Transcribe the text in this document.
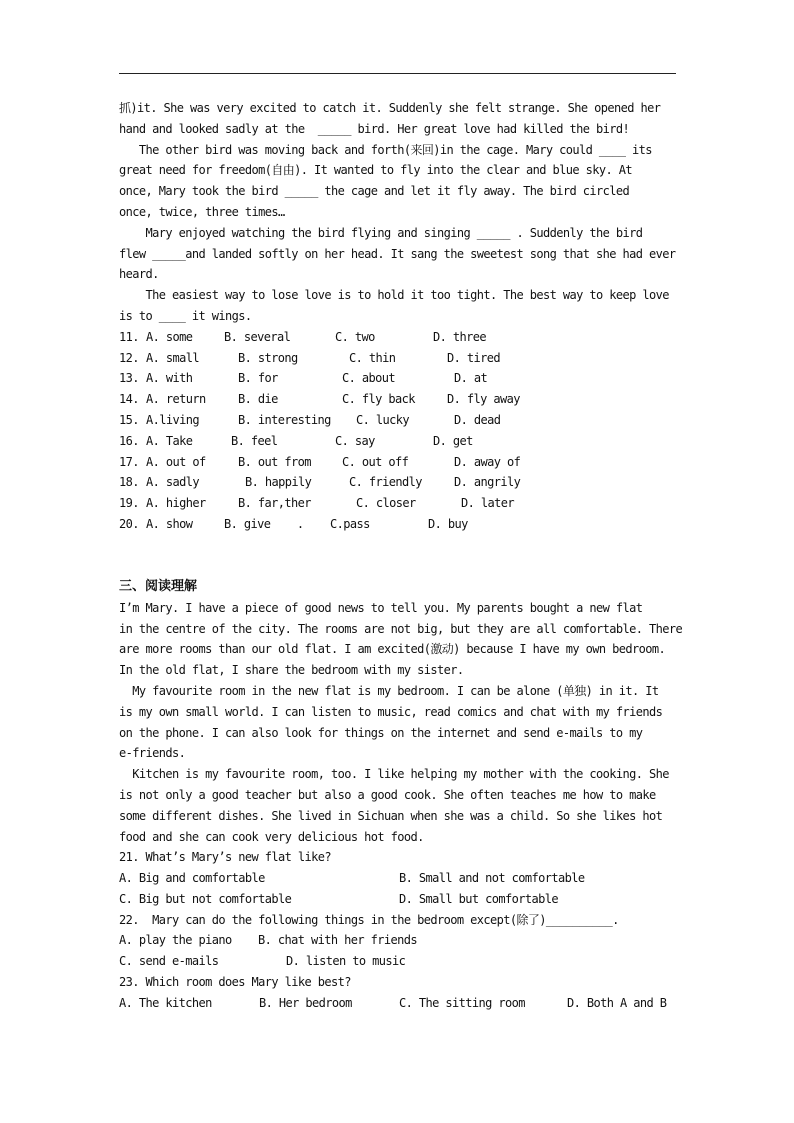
抓)it. She was very excited to catch it. Suddenly she felt strange. She opened her
hand and looked sadly at the  _____ bird. Her great love had killed the bird!
The other bird was moving back and forth(来回)in the cage. Mary could ____ its
great need for freedom(自由). It wanted to fly into the clear and blue sky. At
once, Mary took the bird _____ the cage and let it fly away. The bird circled
once, twice, three times…
Mary enjoyed watching the bird flying and singing _____ . Suddenly the bird
flew _____and landed softly on her head. It sang the sweetest song that she had ever
heard.
The easiest way to lose love is to hold it too tight. The best way to keep love
is to ____ it wings.
11. A. some	B. several	C. two	D. three
12. A. small	B. strong	C. thin	D. tired
13. A. with	B. for	C. about	D. at
14. A. return	B. die	C. fly back	D. fly away
15. A.living	B. interesting	C. lucky	D. dead
16. A. Take	B. feel	C. say	D. get
17. A. out of	B. out from	C. out off	D. away of
18. A. sadly	B. happily	C. friendly	D. angrily
19. A. higher	B. far,ther	C. closer	D. later
20. A. show	B. give    .	C.pass	D. buy
三、阅读理解
I’m Mary. I have a piece of good news to tell you. My parents bought a new flat
in the centre of the city. The rooms are not big, but they are all comfortable. There
are more rooms than our old flat. I am excited(激动) because I have my own bedroom.
In the old flat, I share the bedroom with my sister.
My favourite room in the new flat is my bedroom. I can be alone (单独) in it. It
is my own small world. I can listen to music, read comics and chat with my friends
on the phone. I can also look for things on the internet and send e-mails to my
e-friends.
Kitchen is my favourite room, too. I like helping my mother with the cooking. She
is not only a good teacher but also a good cook. She often teaches me how to make
some different dishes. She lived in Sichuan when she was a child. So she likes hot
food and she can cook very delicious hot food.
21. What’s Mary’s new flat like?
A. Big and comfortable	B. Small and not comfortable
C. Big but not comfortable	D. Small but comfortable
22.  Mary can do the following things in the bedroom except(除了)__________.
A. play the piano	B. chat with her friends
C. send e-mails	D. listen to music
23. Which room does Mary like best?
A. The kitchen	B. Her bedroom	C. The sitting room	D. Both A and B
